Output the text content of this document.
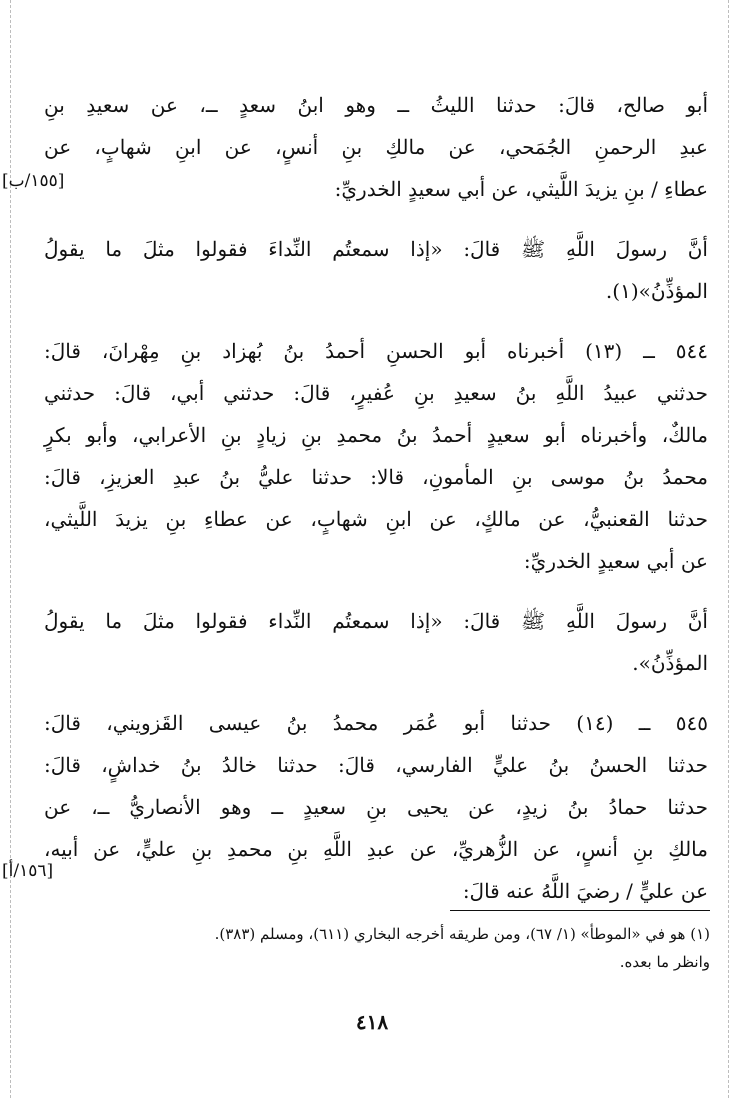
أبو صالح، قالَ: حدثنا الليثُ ــ وهو ابنُ سعدٍ ــ، عن سعيدِ بنِ
عبدِ الرحمنِ الجُمَحي، عن مالكِ بنِ أنسٍ، عن ابنِ شهابٍ، عن
عطاءِ / بنِ يزيدَ اللَّيثي، عن أبي سعيدٍ الخدريِّ:
أنَّ رسولَ اللَّهِ ﷺ قالَ: «إذا سمعتُم النِّداءَ فقولوا مثلَ ما يقولُ
المؤذِّنُ»(١).
٥٤٤ ــ (١٣) أخبرناه أبو الحسنِ أحمدُ بنُ بُهزاد بنِ مِهْرانَ، قالَ:
حدثني عبيدُ اللَّهِ بنُ سعيدِ بنِ عُفيرٍ، قالَ: حدثني أبي، قالَ: حدثني
مالكٌ، وأخبرناه أبو سعيدٍ أحمدُ بنُ محمدِ بنِ زيادٍ بنِ الأعرابي، وأبو بكرٍ
محمدُ بنُ موسى بنِ المأمونِ، قالا: حدثنا عليُّ بنُ عبدِ العزيزِ، قالَ:
حدثنا القعنبيُّ، عن مالكٍ، عن ابنِ شهابٍ، عن عطاءِ بنِ يزيدَ اللَّيثي،
عن أبي سعيدٍ الخدريِّ:
أنَّ رسولَ اللَّهِ ﷺ قالَ: «إذا سمعتُم النِّداء فقولوا مثلَ ما يقولُ
المؤذِّنُ».
٥٤٥ ــ (١٤) حدثنا أبو عُمَر محمدُ بنُ عيسى القَزويني، قالَ:
حدثنا الحسنُ بنُ عليٍّ الفارسي، قالَ: حدثنا خالدُ بنُ خداشٍ، قالَ:
حدثنا حمادُ بنُ زيدٍ، عن يحيى بنِ سعيدٍ ــ وهو الأنصاريُّ ــ، عن
مالكِ بنِ أنسٍ، عن الزُّهريِّ، عن عبدِ اللَّهِ بنِ محمدِ بنِ عليٍّ، عن أبيه،
عن عليٍّ / رضيَ اللَّهُ عنه قالَ:
[١٥٥/ب]
[١٥٦/أ]
(١) هو في «الموطأ» (١/ ٦٧)، ومن طريقه أخرجه البخاري (٦١١)، ومسلم (٣٨٣).
وانظر ما بعده.
٤١٨
